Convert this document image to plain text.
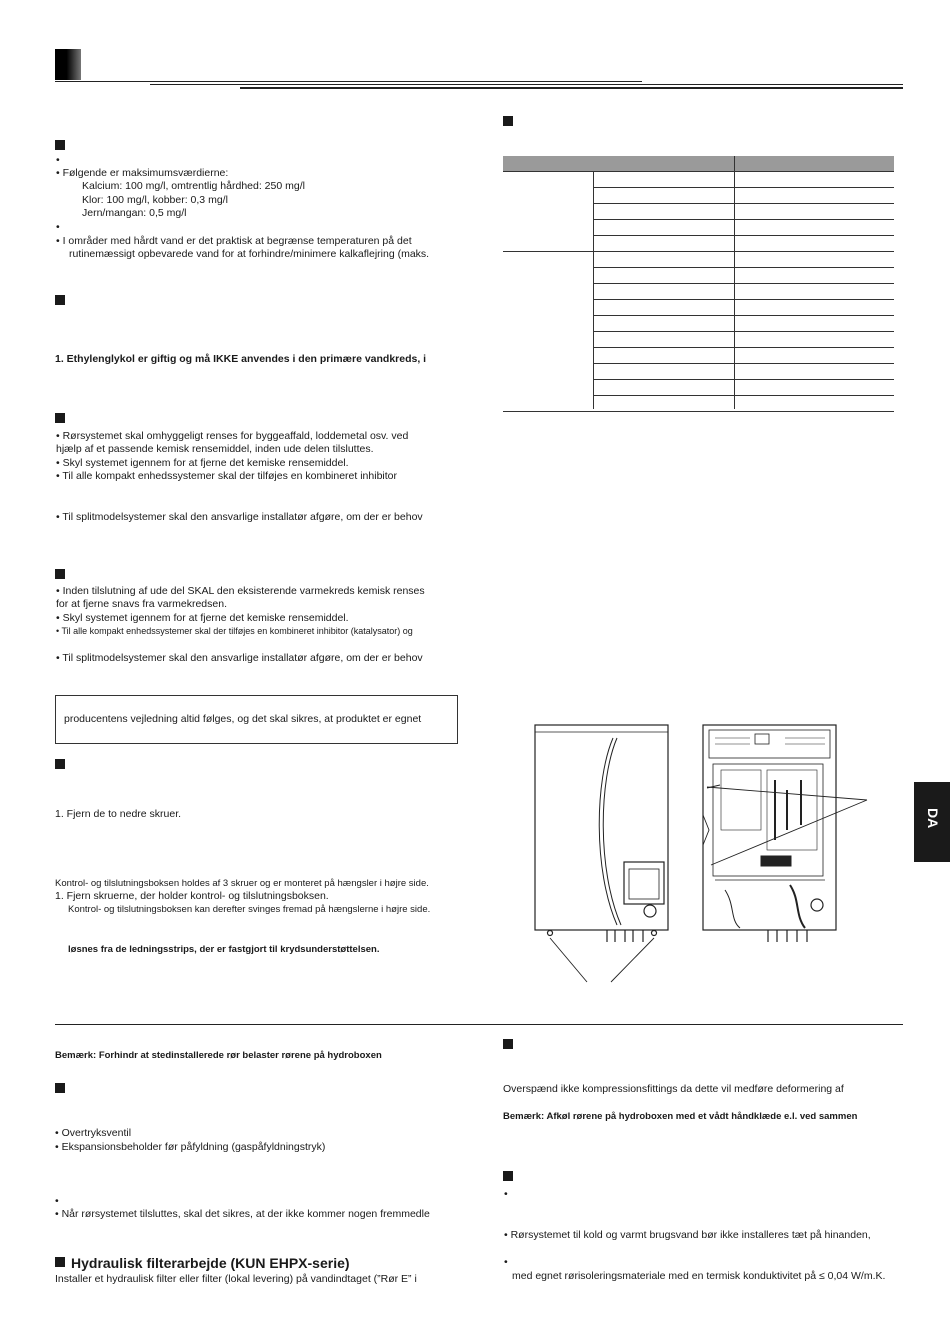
DA
•
• Følgende er maksimumsværdierne:
Kalcium: 100 mg/l, omtrentlig hårdhed: 250 mg/l
Klor: 100 mg/l, kobber: 0,3 mg/l
Jern/mangan: 0,5 mg/l
•
• I områder med hårdt vand er det praktisk at begrænse temperaturen på det
rutinemæssigt opbevarede vand for at forhindre/minimere kalkaflejring (maks.
1. Ethylenglykol er giftig og må IKKE anvendes i den primære vandkreds, i
• Rørsystemet skal omhyggeligt renses for byggeaffald, loddemetal osv. ved
hjælp af et passende kemisk rensemiddel, inden ude delen tilsluttes.
• Skyl systemet igennem for at fjerne det kemiske rensemiddel.
• Til alle kompakt enhedssystemer skal der tilføjes en kombineret inhibitor
• Til splitmodelsystemer skal den ansvarlige installatør afgøre, om der er behov
• Inden tilslutning af ude del SKAL den eksisterende varmekreds kemisk renses
for at fjerne snavs fra varmekredsen.
• Skyl systemet igennem for at fjerne det kemiske rensemiddel.
• Til alle kompakt enhedssystemer skal der tilføjes en kombineret inhibitor (katalysator) og
• Til splitmodelsystemer skal den ansvarlige installatør afgøre, om der er behov
producentens vejledning altid følges, og det skal sikres, at produktet er egnet
1. Fjern de to nedre skruer.
Kontrol- og tilslutningsboksen holdes af 3 skruer og er monteret på hængsler i højre side.
1. Fjern skruerne, der holder kontrol- og tilslutningsboksen.
Kontrol- og tilslutningsboksen kan derefter svinges fremad på hængslerne i højre side.
løsnes fra de ledningsstrips, der er fastgjort til krydsunderstøttelsen.
Bemærk: Forhindr at stedinstallerede rør belaster rørene på hydroboxen
• Overtryksventil
• Ekspansionsbeholder før påfyldning (gaspåfyldningstryk)
•
• Når rørsystemet tilsluttes, skal det sikres, at der ikke kommer nogen fremmedle
Hydraulisk filterarbejde (KUN EHPX-serie)
Installer et hydraulisk filter eller filter (lokal levering) på vandindtaget (”Rør E” i

Overspænd ikke kompressionsfittings da dette vil medføre deformering af
Bemærk: Afkøl rørene på hydroboxen med et vådt håndklæde e.l. ved sammen
•
• Rørsystemet til kold og varmt brugsvand bør ikke installeres tæt på hinanden,
•
med egnet rørisoleringsmateriale med en termisk konduktivitet på ≤ 0,04 W/m.K.
